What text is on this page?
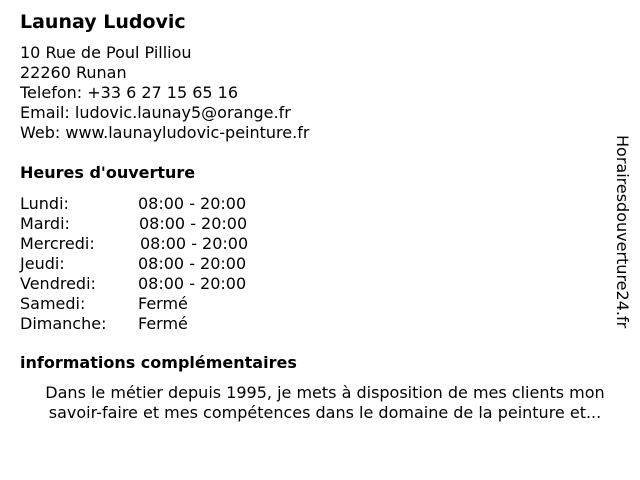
Launay Ludovic
10 Rue de Poul Pilliou
22260 Runan
Telefon: +33 6 27 15 65 16
Email: ludovic.launay5@orange.fr
Web: www.launayludovic-peinture.fr
Heures d'ouverture
Lundi:	08:00 - 20:00
Mardi:	08:00 - 20:00
Mercredi:	08:00 - 20:00
Jeudi:	08:00 - 20:00
Vendredi:	08:00 - 20:00
Samedi:	Fermé
Dimanche: Fermé
informations complémentaires
Dans le métier depuis 1995, je mets à disposition de mes clients mon
savoir-faire et mes compétences dans le domaine de la peinture et...
Horairesdouverture24.fr
